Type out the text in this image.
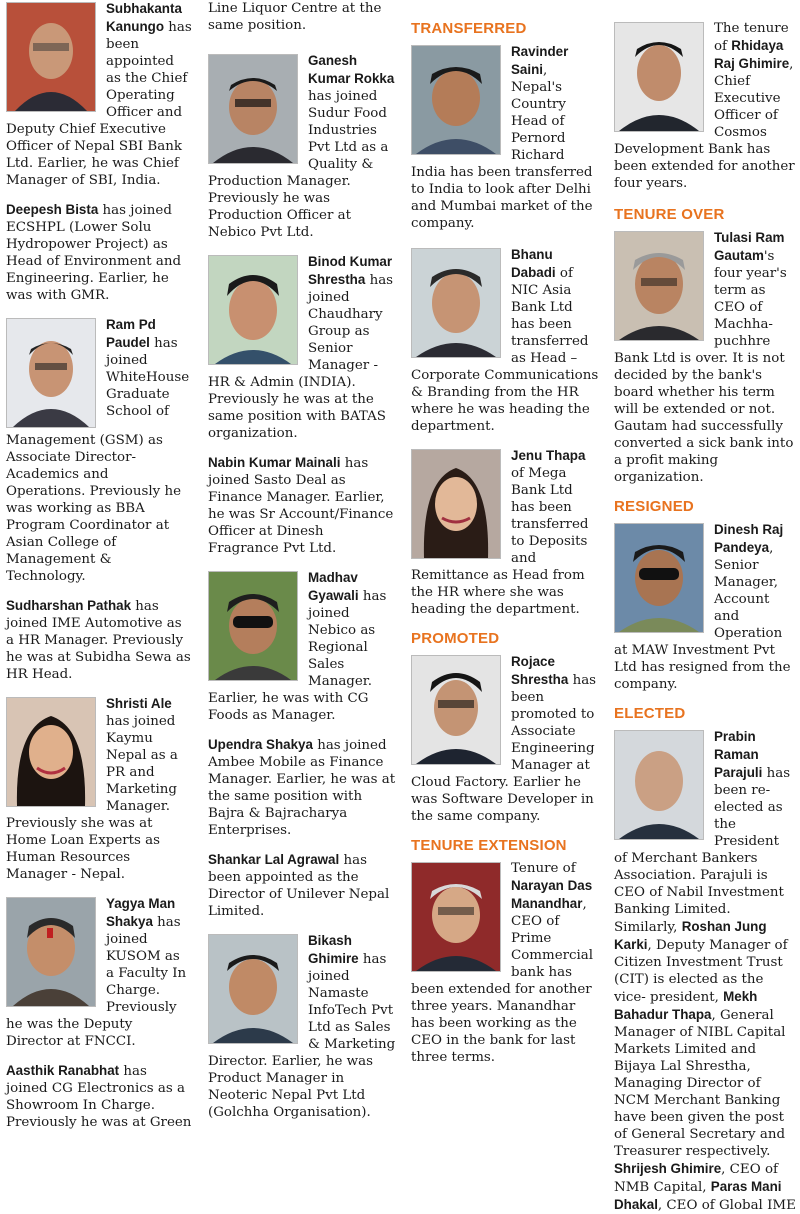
Subhakanta Kanungo has been appointed as the Chief Operating Officer and Deputy Chief Executive Officer of Nepal SBI Bank Ltd. Earlier, he was Chief Manager of SBI, India.

Deepesh Bista has joined ECSHPL (Lower Solu Hydropower Project) as Head of Environment and Engineering. Earlier, he was with GMR.

Ram Pd Paudel has joined WhiteHouse Graduate School of Management (GSM) as Associate Director-Academics and Operations. Previously he was working as BBA Program Coordinator at Asian College of Management & Technology.

Sudharshan Pathak has joined IME Automotive as a HR Manager. Previously he was at Subidha Sewa as HR Head.

Shristi Ale has joined Kaymu Nepal as a PR and Marketing Manager. Previously she was at Home Loan Experts as Human Resources Manager - Nepal.

Yagya Man Shakya has joined KUSOM as a Faculty In Charge. Previously he was the Deputy Director at FNCCI.

Aasthik Ranabhat has joined CG Electronics as a Showroom In Charge. Previously he was at Green

Line Liquor Centre at the same position.

Ganesh Kumar Rokka has joined Sudur Food Industries Pvt Ltd as a Quality & Production Manager. Previously he was Production Officer at Nebico Pvt Ltd.

Binod Kumar Shrestha has joined Chaudhary Group as Senior Manager - HR & Admin (INDIA). Previously he was at the same position with BATAS organization.

Nabin Kumar Mainali has joined Sasto Deal as Finance Manager. Earlier, he was Sr Account/Finance Officer at Dinesh Fragrance Pvt Ltd.

Madhav Gyawali has joined Nebico as Regional Sales Manager. Earlier, he was with CG Foods as Manager.

Upendra Shakya has joined Ambee Mobile as Finance Manager. Earlier, he was at the same position with Bajra & Bajracharya Enterprises.

Shankar Lal Agrawal has been appointed as the Director of Unilever Nepal Limited.

Bikash Ghimire has joined Namaste InfoTech Pvt Ltd as Sales & Marketing Director. Earlier, he was Product Manager in Neoteric Nepal Pvt Ltd (Golchha Organisation).

TRANSFERRED

Ravinder Saini, Nepal's Country Head of Pernord Richard India has been transferred to India to look after Delhi and Mumbai market of the company.

Bhanu Dabadi of NIC Asia Bank Ltd has been transferred as Head – Corporate Communications & Branding from the HR where he was heading the department.

Jenu Thapa of Mega Bank Ltd has been transferred to Deposits and Remittance as Head from the HR where she was heading the department.

PROMOTED

Rojace Shrestha has been promoted to Associate Engineering Manager at Cloud Factory. Earlier he was Software Developer in the same company.

TENURE EXTENSION

Tenure of Narayan Das Manandhar, CEO of Prime Commercial bank has been extended for another three years. Manandhar has been working as the CEO in the bank for last three terms.

The tenure of Rhidaya Raj Ghimire, Chief Executive Officer of Cosmos Development Bank has been extended for another four years.

TENURE OVER

Tulasi Ram Gautam's four year's term as CEO of Machha-puchhre Bank Ltd is over. It is not decided by the bank's board whether his term will be extended or not. Gautam had successfully converted a sick bank into a profit making organization.

RESIGNED

Dinesh Raj Pandeya, Senior Manager, Account and Operation at MAW Investment Pvt Ltd has resigned from the company.

ELECTED

Prabin Raman Parajuli has been re-elected as the President of Merchant Bankers Association. Parajuli is CEO of Nabil Investment Banking Limited. Similarly, Roshan Jung Karki, Deputy Manager of Citizen Investment Trust (CIT) is elected as the vice- president, Mekh Bahadur Thapa, General Manager of NIBL Capital Markets Limited and Bijaya Lal Shrestha, Managing Director of NCM Merchant Banking have been given the post of General Secretary and Treasurer respectively. Shrijesh Ghimire, CEO of NMB Capital, Paras Mani Dhakal, CEO of Global IME
